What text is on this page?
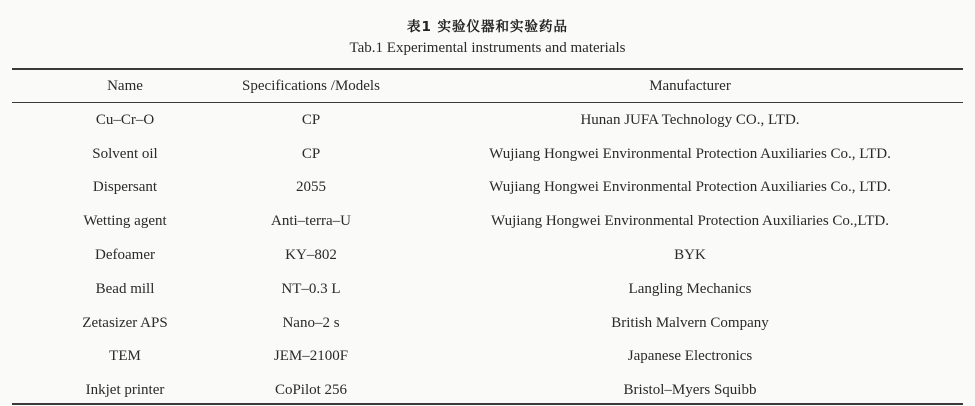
表1 实验仪器和实验药品
Tab.1 Experimental instruments and materials
Name	Specifications /Models	Manufacturer
Cu–Cr–O	CP	Hunan JUFA Technology CO., LTD.
Solvent oil	CP	Wujiang Hongwei Environmental Protection Auxiliaries Co., LTD.
Dispersant	2055	Wujiang Hongwei Environmental Protection Auxiliaries Co., LTD.
Wetting agent	Anti–terra–U	Wujiang Hongwei Environmental Protection Auxiliaries Co.,LTD.
Defoamer	KY–802	BYK
Bead mill	NT–0.3 L	Langling Mechanics
Zetasizer APS	Nano–2 s	British Malvern Company
TEM	JEM–2100F	Japanese Electronics
Inkjet printer	CoPilot 256	Bristol–Myers Squibb
